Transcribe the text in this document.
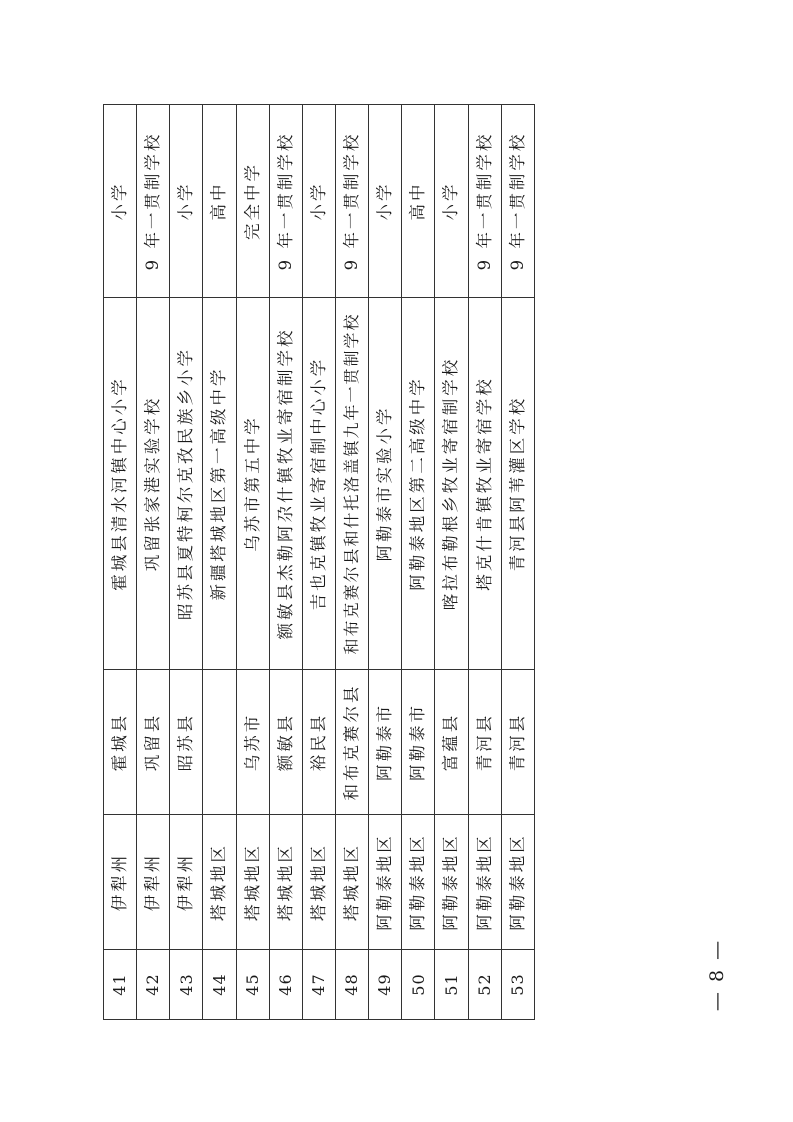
41	伊犁州	霍城县	霍城县清水河镇中心小学	小学
42	伊犁州	巩留县	巩留张家港实验学校	9 年一贯制学校
43	伊犁州	昭苏县	昭苏县夏特柯尔克孜民族乡小学	小学
44	塔城地区		新疆塔城地区第一高级中学	高中
45	塔城地区	乌苏市	乌苏市第五中学	完全中学
46	塔城地区	额敏县	额敏县杰勒阿尕什镇牧业寄宿制学校	9 年一贯制学校
47	塔城地区	裕民县	吉也克镇牧业寄宿制中心小学	小学
48	塔城地区	和布克赛尔县	和布克赛尔县和什托洛盖镇九年一贯制学校	9 年一贯制学校
49	阿勒泰地区	阿勒泰市	阿勒泰市实验小学	小学
50	阿勒泰地区	阿勒泰市	阿勒泰地区第二高级中学	高中
51	阿勒泰地区	富蕴县	喀拉布勒根乡牧业寄宿制学校	小学
52	阿勒泰地区	青河县	塔克什肯镇牧业寄宿学校	9 年一贯制学校
53	阿勒泰地区	青河县	青河县阿苇灌区学校	9 年一贯制学校
— 8 —
